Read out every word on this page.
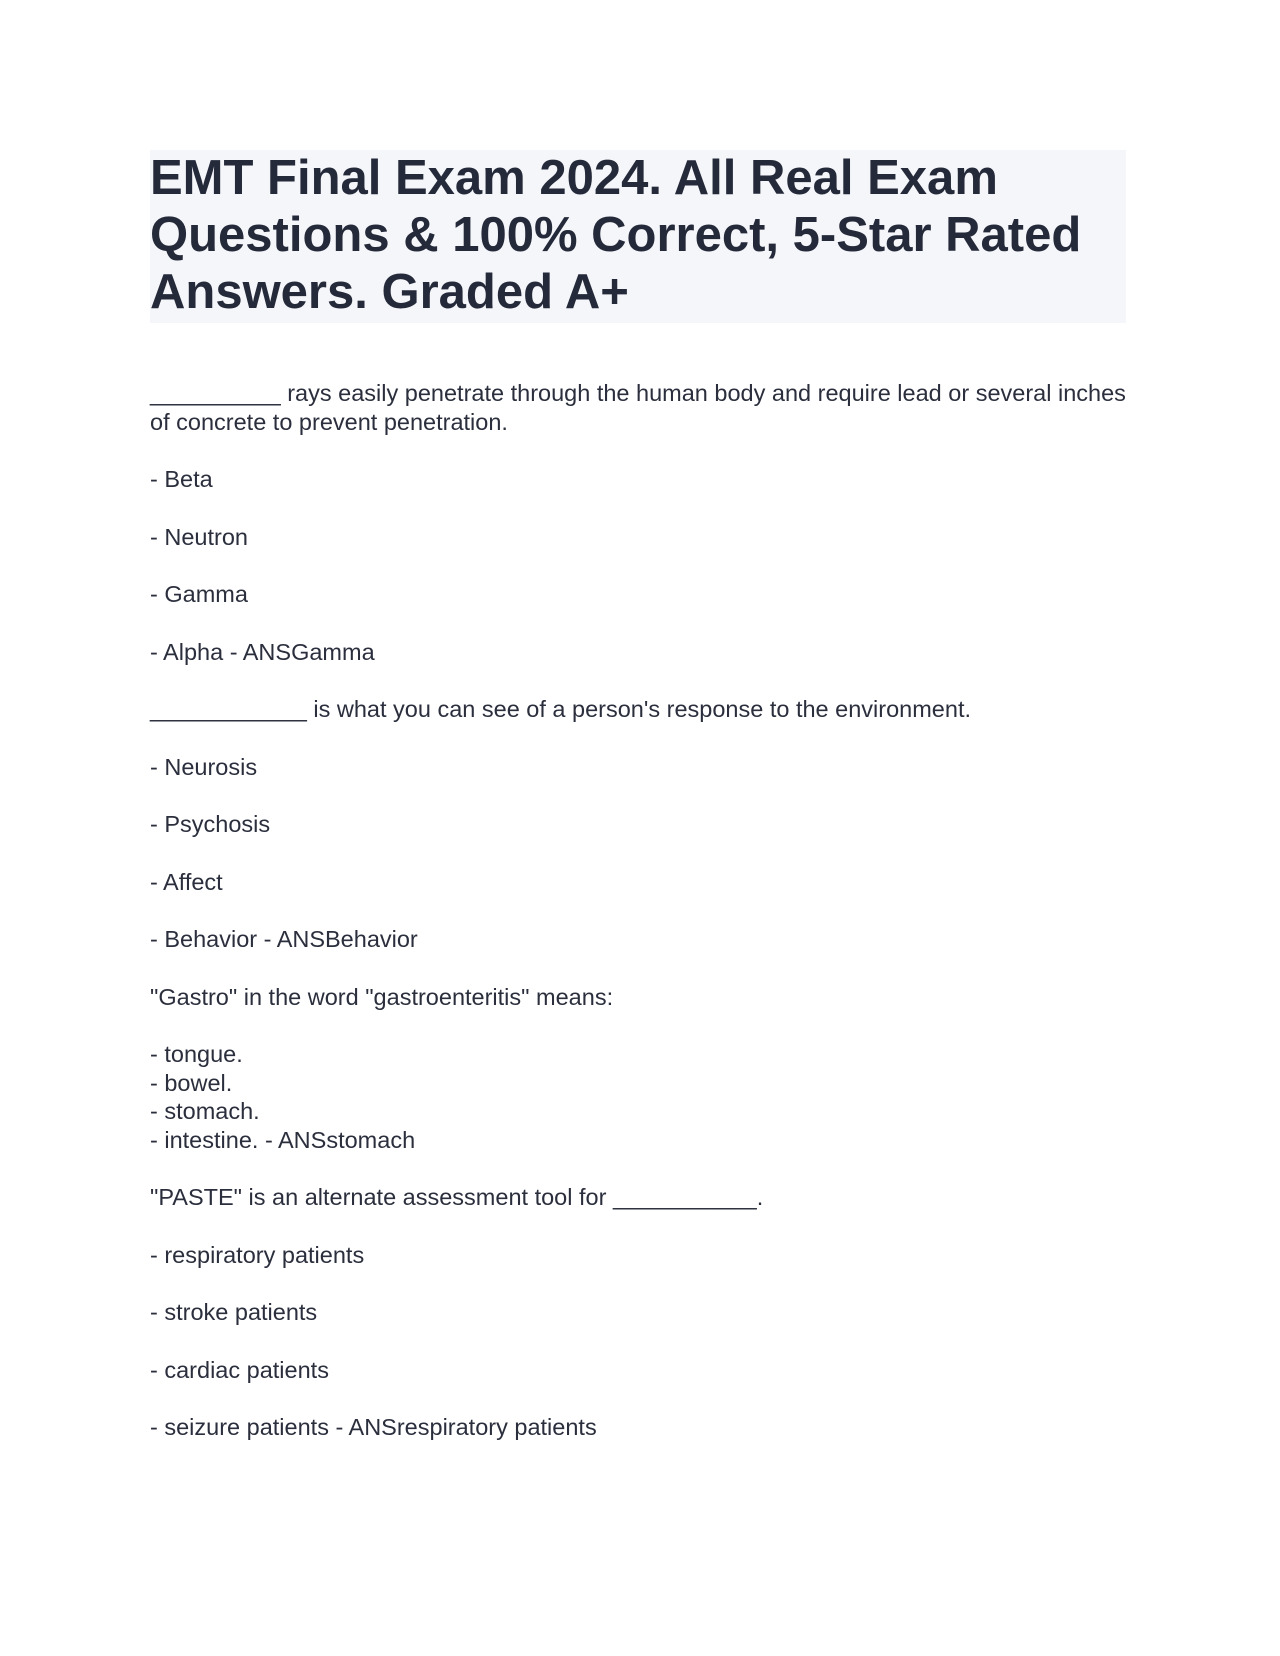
EMT Final Exam 2024. All Real Exam Questions & 100% Correct, 5-Star Rated Answers. Graded A+

__________ rays easily penetrate through the human body and require lead or several inches of concrete to prevent penetration.

- Beta

- Neutron

- Gamma

- Alpha - ANSGamma

____________ is what you can see of a person's response to the environment.

- Neurosis

- Psychosis

- Affect

- Behavior - ANSBehavior

"Gastro" in the word "gastroenteritis" means:

- tongue.

- bowel.

- stomach.

- intestine. - ANSstomach

"PASTE" is an alternate assessment tool for ___________.

- respiratory patients

- stroke patients

- cardiac patients

- seizure patients - ANSrespiratory patients
